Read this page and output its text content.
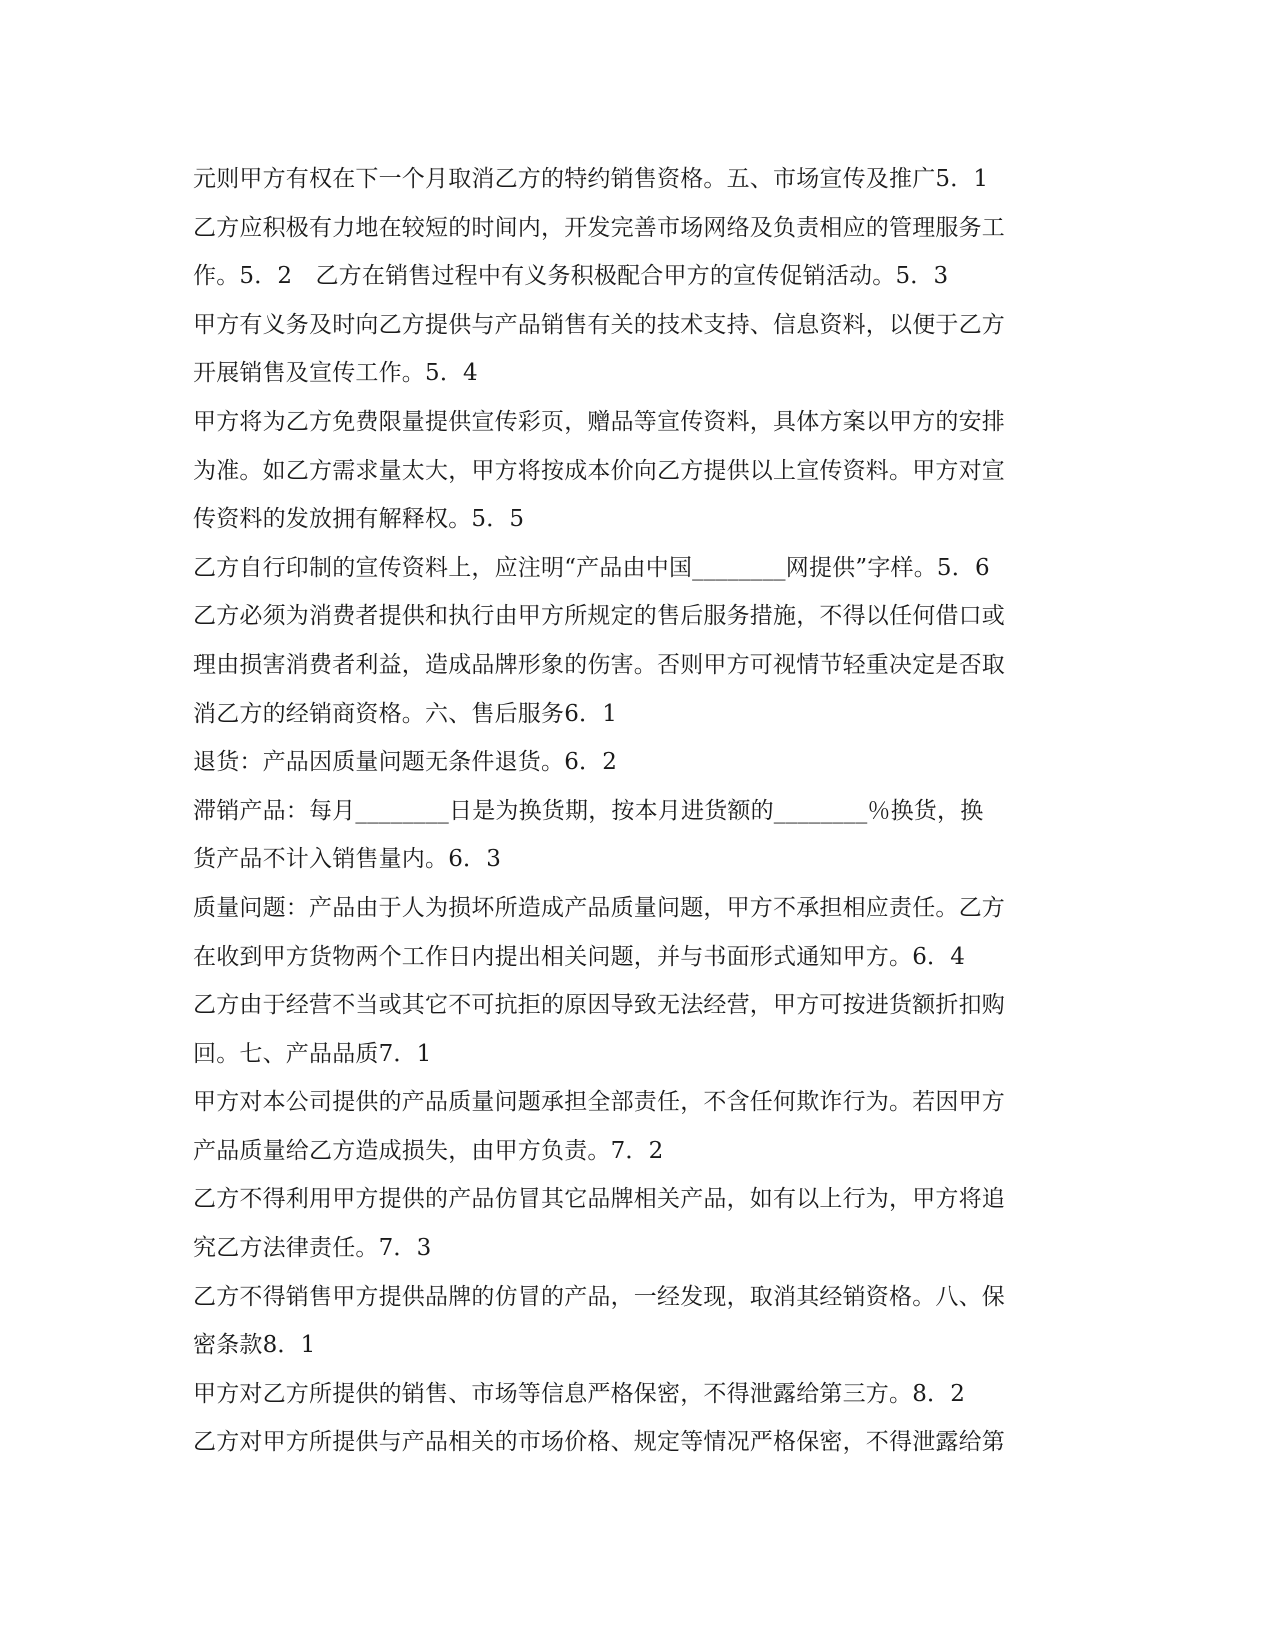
元则甲方有权在下一个月取消乙方的特约销售资格。五、市场宣传及推广5．1
乙方应积极有力地在较短的时间内，开发完善市场网络及负责相应的管理服务工
作。5．2　乙方在销售过程中有义务积极配合甲方的宣传促销活动。5．3
甲方有义务及时向乙方提供与产品销售有关的技术支持、信息资料，以便于乙方
开展销售及宣传工作。5．4
甲方将为乙方免费限量提供宣传彩页，赠品等宣传资料，具体方案以甲方的安排
为准。如乙方需求量太大，甲方将按成本价向乙方提供以上宣传资料。甲方对宣
传资料的发放拥有解释权。5．5
乙方自行印制的宣传资料上，应注明“产品由中国________网提供”字样。5．6
乙方必须为消费者提供和执行由甲方所规定的售后服务措施，不得以任何借口或
理由损害消费者利益，造成品牌形象的伤害。否则甲方可视情节轻重决定是否取
消乙方的经销商资格。六、售后服务6．1
退货：产品因质量问题无条件退货。6．2
滞销产品：每月________日是为换货期，按本月进货额的________％换货，换
货产品不计入销售量内。6．3
质量问题：产品由于人为损坏所造成产品质量问题，甲方不承担相应责任。乙方
在收到甲方货物两个工作日内提出相关问题，并与书面形式通知甲方。6．4
乙方由于经营不当或其它不可抗拒的原因导致无法经营，甲方可按进货额折扣购
回。七、产品品质7．1
甲方对本公司提供的产品质量问题承担全部责任，不含任何欺诈行为。若因甲方
产品质量给乙方造成损失，由甲方负责。7．2
乙方不得利用甲方提供的产品仿冒其它品牌相关产品，如有以上行为，甲方将追
究乙方法律责任。7．3
乙方不得销售甲方提供品牌的仿冒的产品，一经发现，取消其经销资格。八、保
密条款8．1
甲方对乙方所提供的销售、市场等信息严格保密，不得泄露给第三方。8．2
乙方对甲方所提供与产品相关的市场价格、规定等情况严格保密，不得泄露给第
